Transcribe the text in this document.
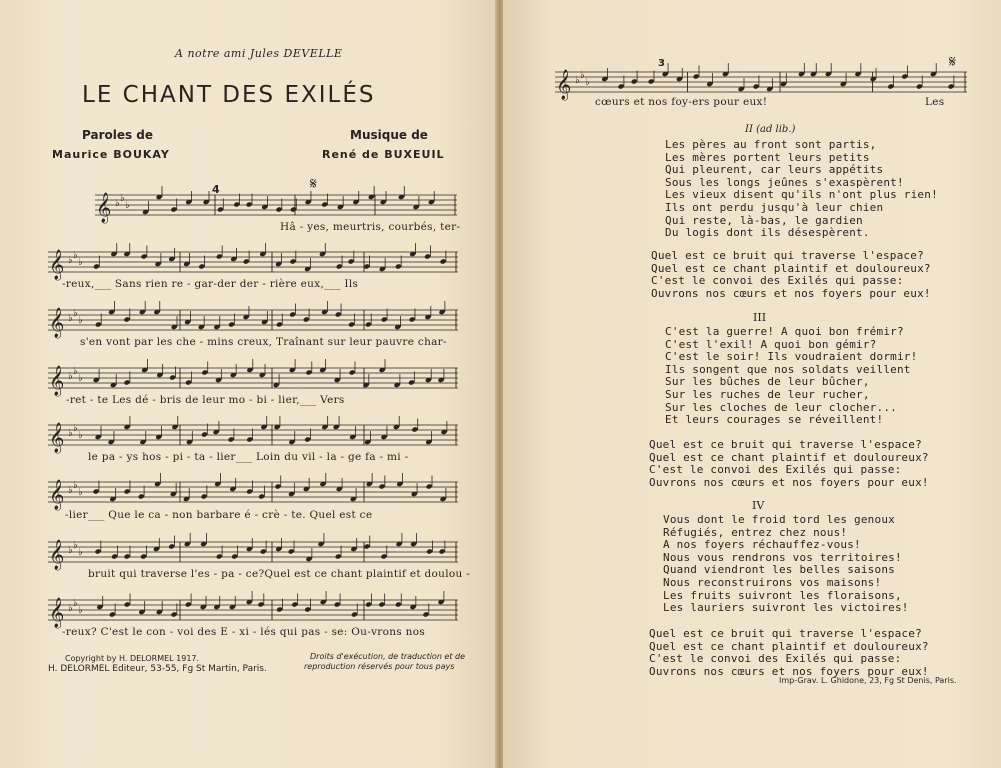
A notre ami Jules DEVELLE
LE CHANT DES EXILÉS
Paroles de
Maurice BOUKAY
Musique de
René de BUXEUIL
4	𝄋
𝄞 ♭ ♭
♭
Hâ - yes, meurtris, courbés, ter-
𝄞 ♭ ♭
♭
-reux,___ Sans rien re - gar-der der - rière eux,___ Ils
𝄞 ♭ ♭
♭
s'en vont par les che - mins creux, Traînant sur leur pauvre char-
𝄞 ♭ ♭
♭
-ret - te Les dé - bris de leur mo - bi - lier,___ Vers
𝄞 ♭ ♭
♭
le pa - ys hos - pi - ta - lier___ Loin du vil - la - ge fa - mi -
𝄞 ♭ ♭
♭
-lier___ Que le ca - non barbare é - crè - te. Quel est ce
𝄞 ♭ ♭
♭
bruit qui traverse l'es - pa - ce?Quel est ce chant plaintif et doulou -
𝄞 ♭ ♭
♭
-reux? C'est le con - voi des E - xi - lés qui pas - se: Ou-vrons nos
Copyright by H. DELORMEL 1917.
H. DELORMEL Editeur, 53-55, Fg St Martin, Paris.
Droits d'exécution, de traduction et de
reproduction réservés pour tous pays
3	𝄋
𝄞 ♭ ♭
♭
cœurs et nos foy-ers pour eux!	Les
II (ad lib.)
Les pères au front sont partis,
Les mères portent leurs petits
Qui pleurent, car leurs appétits
Sous les longs jeûnes s'exaspèrent!
Les vieux disent qu'ils n'ont plus rien!
Ils ont perdu jusqu'à leur chien
Qui reste, là-bas, le gardien
Du logis dont ils désespèrent.
Quel est ce bruit qui traverse l'espace?
Quel est ce chant plaintif et douloureux?
C'est le convoi des Exilés qui passe:
Ouvrons nos cœurs et nos foyers pour eux!
III
C'est la guerre! A quoi bon frémir?
C'est l'exil! A quoi bon gémir?
C'est le soir! Ils voudraient dormir!
Ils songent que nos soldats veillent
Sur les bûches de leur bûcher,
Sur les ruches de leur rucher,
Sur les cloches de leur clocher...
Et leurs courages se réveillent!
Quel est ce bruit qui traverse l'espace?
Quel est ce chant plaintif et douloureux?
C'est le convoi des Exilés qui passe:
Ouvrons nos cœurs et nos foyers pour eux!
IV
Vous dont le froid tord les genoux
Réfugiés, entrez chez nous!
A nos foyers réchauffez-vous!
Nous vous rendrons vos territoires!
Quand viendront les belles saisons
Nous reconstruirons vos maisons!
Les fruits suivront les floraisons,
Les lauriers suivront les victoires!
Quel est ce bruit qui traverse l'espace?
Quel est ce chant plaintif et douloureux?
C'est le convoi des Exilés qui passe:
Ouvrons nos cœurs et nos foyers pour eux!
Imp-Grav. L. Ghidone, 23, Fg St Denis, Paris.
